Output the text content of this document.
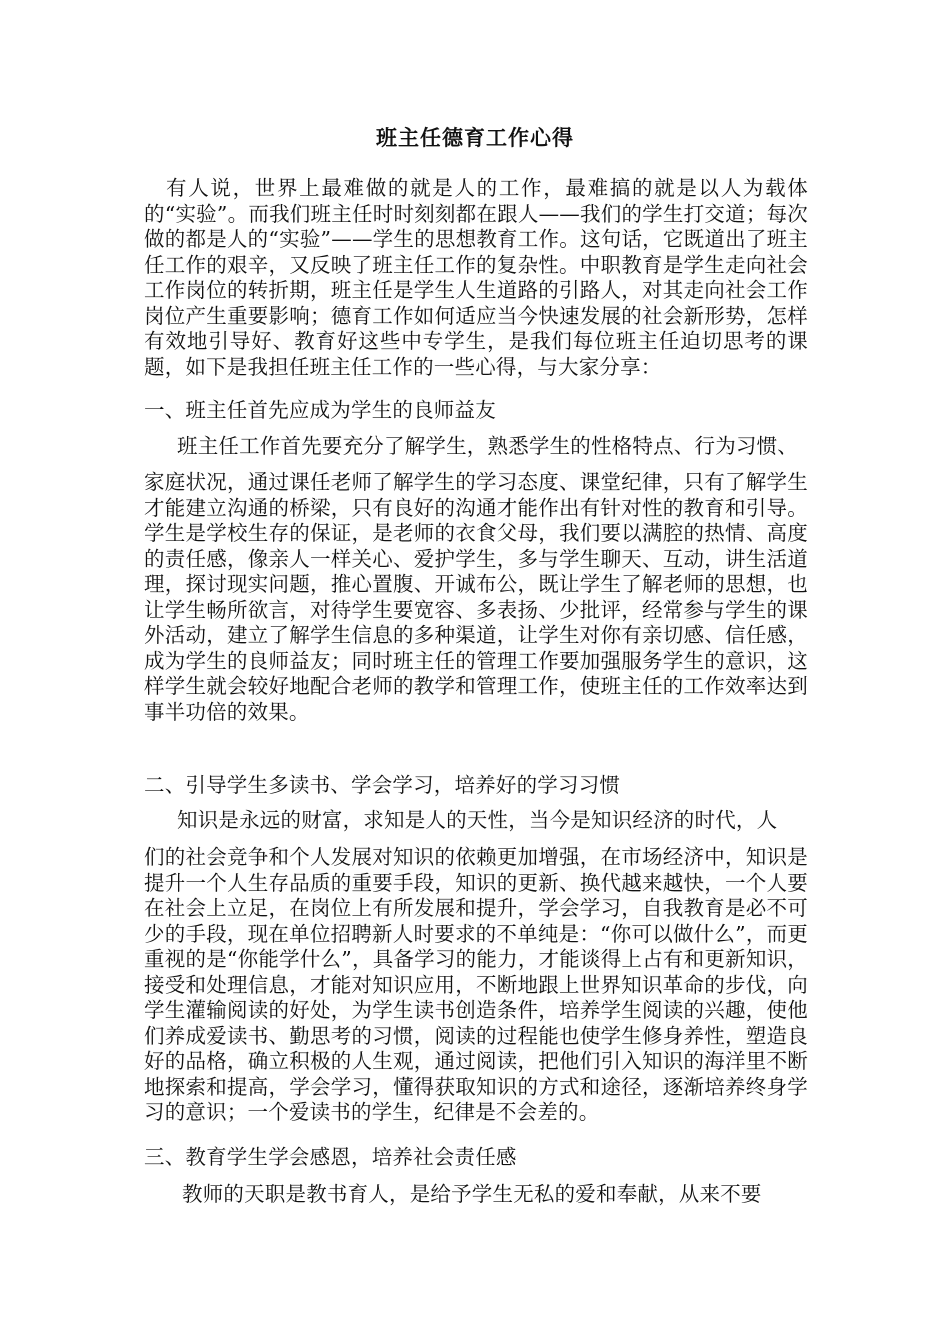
班主任德育工作心得

有人说，世界上最难做的就是人的工作，最难搞的就是以人为载体的“实验”。而我们班主任时时刻刻都在跟人——我们的学生打交道；每次做的都是人的“实验”——学生的思想教育工作。这句话，它既道出了班主任工作的艰辛，又反映了班主任工作的复杂性。中职教育是学生走向社会工作岗位的转折期，班主任是学生人生道路的引路人，对其走向社会工作岗位产生重要影响；德育工作如何适应当今快速发展的社会新形势，怎样有效地引导好、教育好这些中专学生，是我们每位班主任迫切思考的课题，如下是我担任班主任工作的一些心得，与大家分享：

一、班主任首先应成为学生的良师益友

班主任工作首先要充分了解学生，熟悉学生的性格特点、行为习惯、

家庭状况，通过课任老师了解学生的学习态度、课堂纪律，只有了解学生才能建立沟通的桥梁，只有良好的沟通才能作出有针对性的教育和引导。学生是学校生存的保证，是老师的衣食父母，我们要以满腔的热情、高度的责任感，像亲人一样关心、爱护学生，多与学生聊天、互动，讲生活道理，探讨现实问题，推心置腹、开诚布公，既让学生了解老师的思想，也让学生畅所欲言，对待学生要宽容、多表扬、少批评，经常参与学生的课外活动，建立了解学生信息的多种渠道，让学生对你有亲切感、信任感，成为学生的良师益友；同时班主任的管理工作要加强服务学生的意识，这样学生就会较好地配合老师的教学和管理工作，使班主任的工作效率达到事半功倍的效果。

二、引导学生多读书、学会学习，培养好的学习习惯

知识是永远的财富，求知是人的天性，当今是知识经济的时代，人

们的社会竞争和个人发展对知识的依赖更加增强，在市场经济中，知识是提升一个人生存品质的重要手段，知识的更新、换代越来越快，一个人要在社会上立足，在岗位上有所发展和提升，学会学习，自我教育是必不可少的手段，现在单位招聘新人时要求的不单纯是：“你可以做什么”，而更重视的是“你能学什么”，具备学习的能力，才能谈得上占有和更新知识，接受和处理信息，才能对知识应用，不断地跟上世界知识革命的步伐，向学生灌输阅读的好处，为学生读书创造条件，培养学生阅读的兴趣，使他们养成爱读书、勤思考的习惯，阅读的过程能也使学生修身养性，塑造良好的品格，确立积极的人生观，通过阅读，把他们引入知识的海洋里不断地探索和提高，学会学习，懂得获取知识的方式和途径，逐渐培养终身学习的意识；一个爱读书的学生，纪律是不会差的。

三、教育学生学会感恩，培养社会责任感

教师的天职是教书育人，是给予学生无私的爱和奉献，从来不要
